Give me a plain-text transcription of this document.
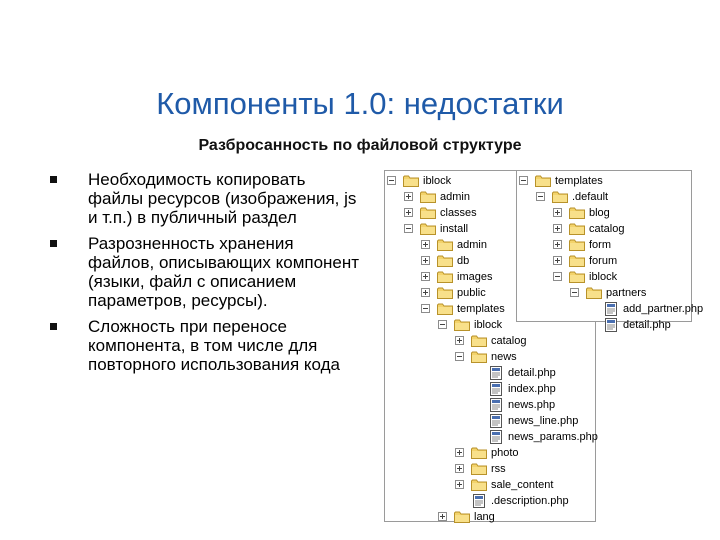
Компоненты 1.0: недостатки
Разбросанность по файловой структуре
Необходимость копировать файлы ресурсов (изображения, js и т.п.) в публичный раздел
Разрозненность хранения файлов, описывающих компонент (языки, файл с описанием параметров, ресурсы).
Сложность при переносе компонента, в том числе для повторного использования кода
iblock
admin
classes
install
admin
db
images
public
templates
iblock
catalog
news
detail.php
index.php
news.php
news_line.php
news_params.php
photo
rss
sale_content
.description.php
lang
templates
.default
blog
catalog
form
forum
iblock
partners
add_partner.php
detail.php
